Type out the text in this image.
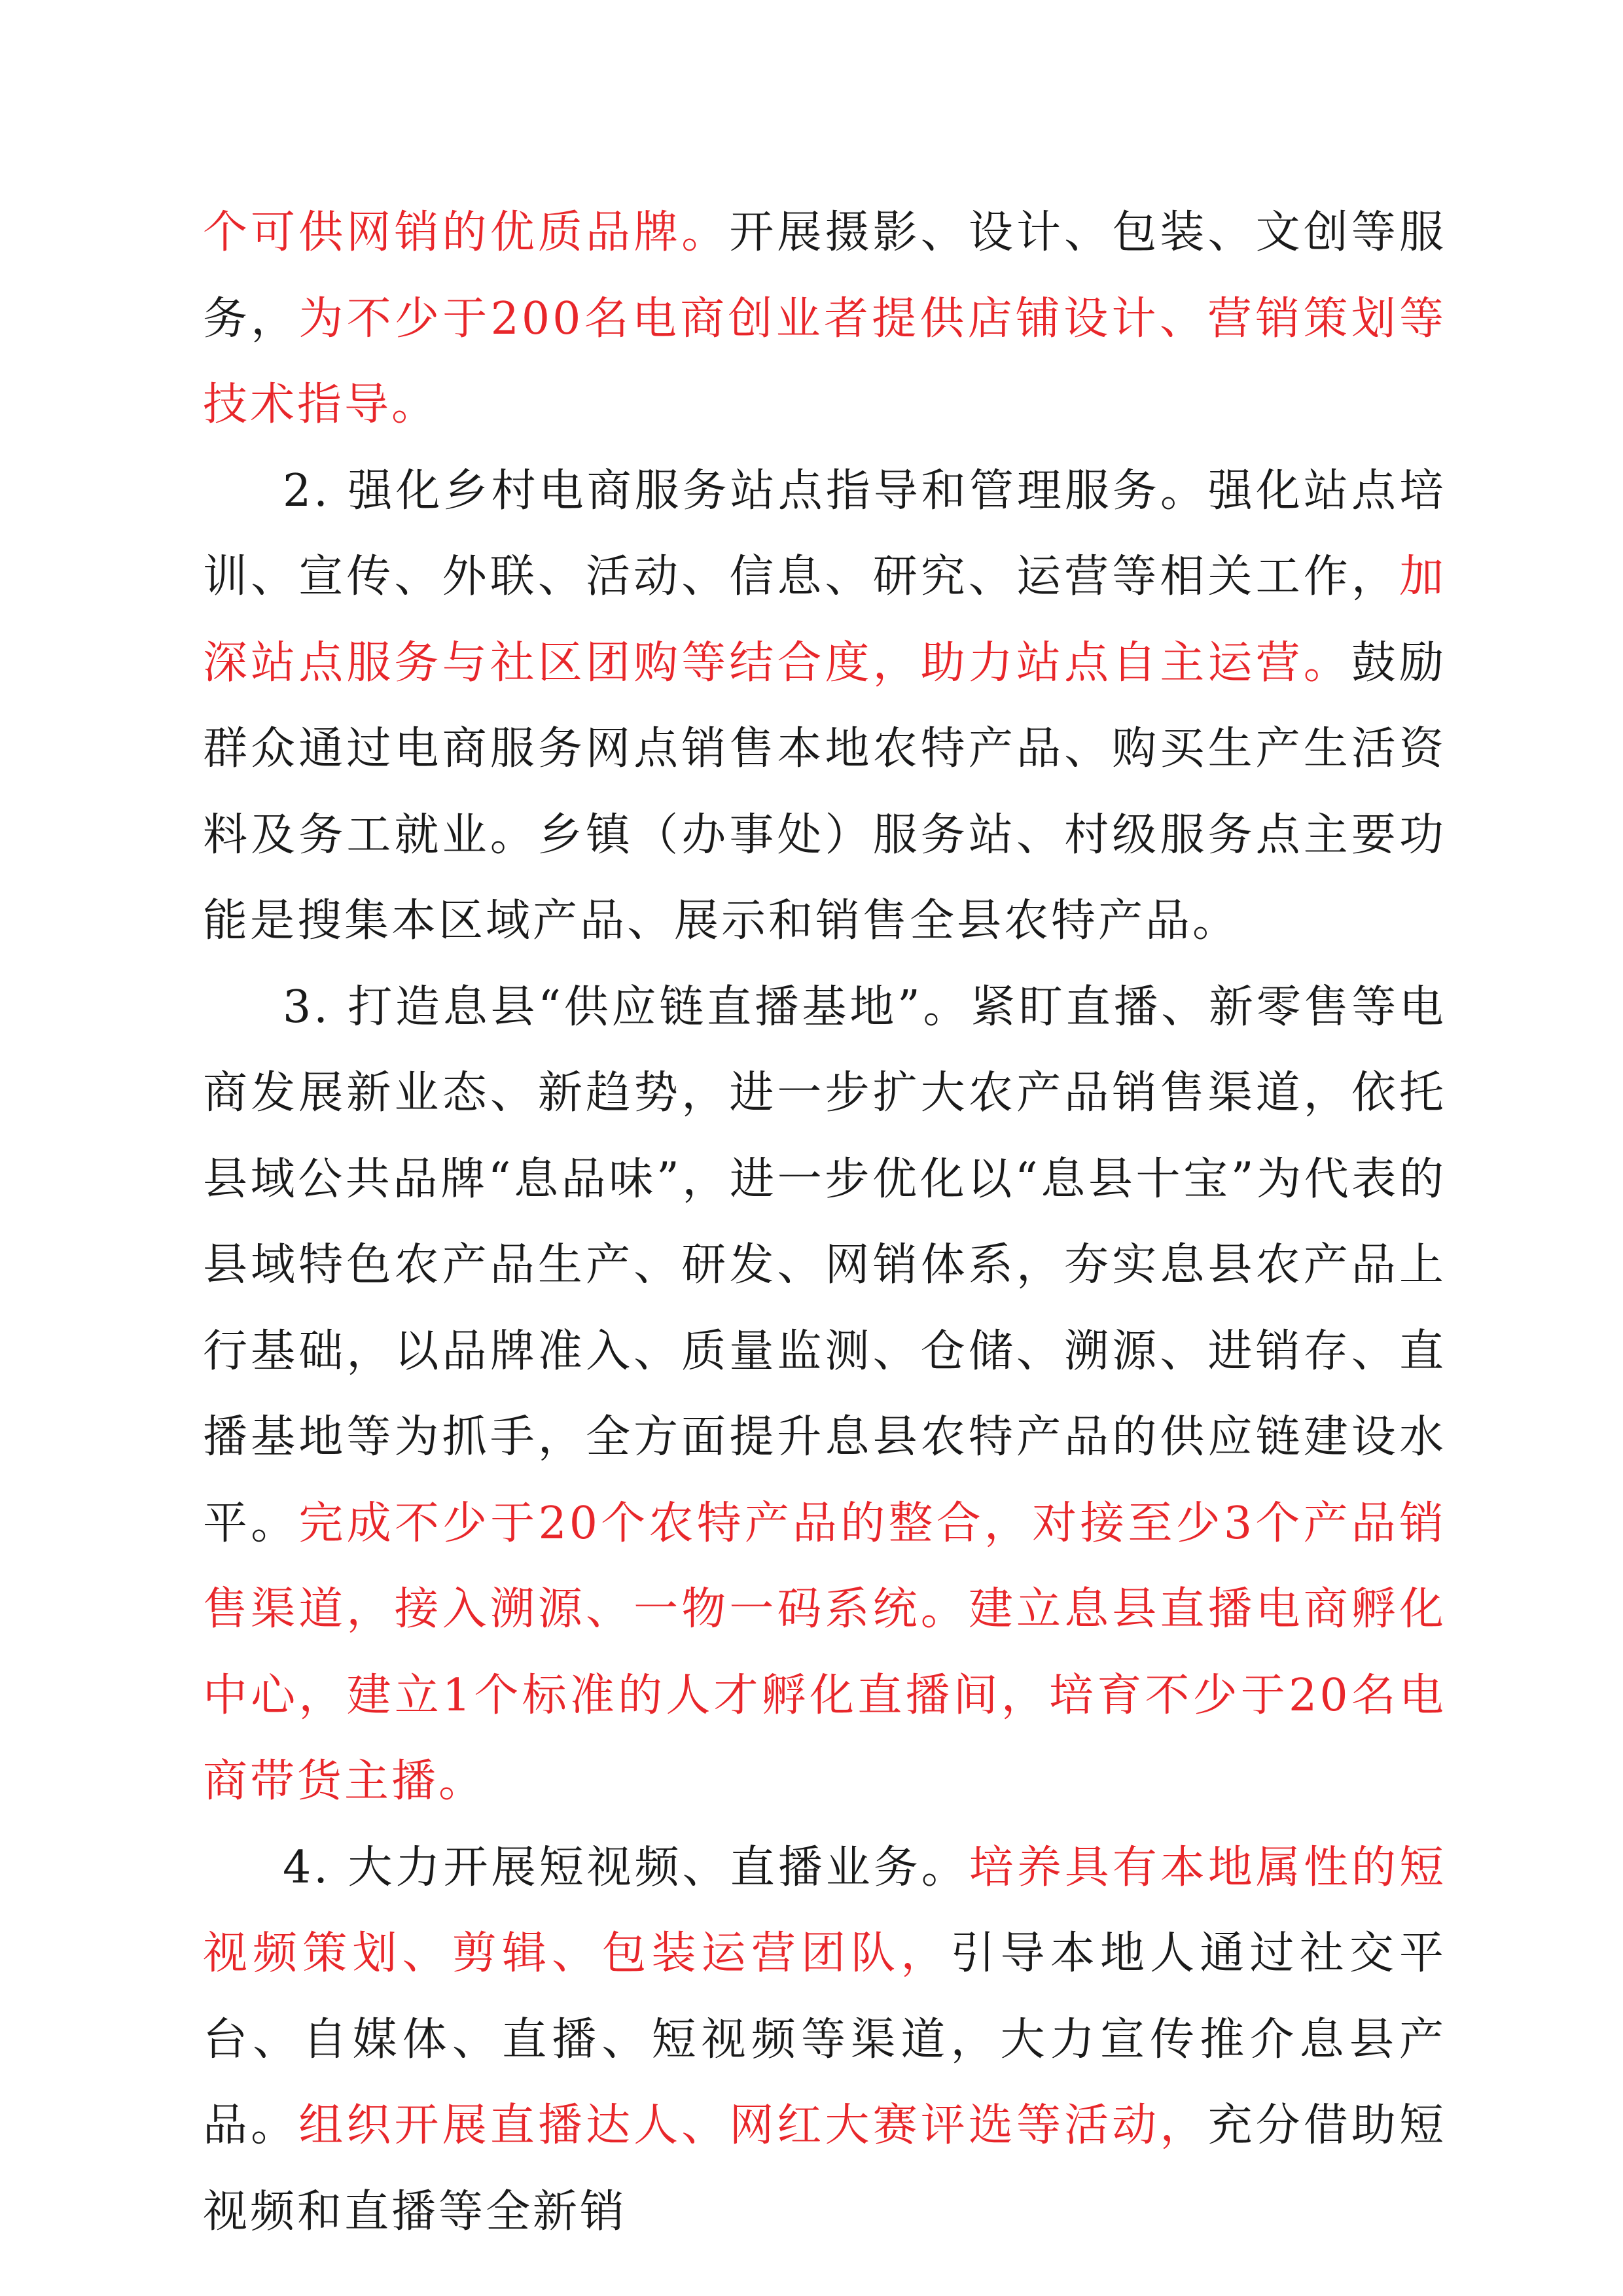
个可供网销的优质品牌。开展摄影、设计、包装、文创等服务，为不少于200名电商创业者提供店铺设计、营销策划等技术指导。

2. 强化乡村电商服务站点指导和管理服务。强化站点培训、宣传、外联、活动、信息、研究、运营等相关工作，加深站点服务与社区团购等结合度，助力站点自主运营。鼓励群众通过电商服务网点销售本地农特产品、购买生产生活资料及务工就业。乡镇（办事处）服务站、村级服务点主要功能是搜集本区域产品、展示和销售全县农特产品。

3. 打造息县“供应链直播基地”。紧盯直播、新零售等电商发展新业态、新趋势，进一步扩大农产品销售渠道，依托县域公共品牌“息品味”，进一步优化以“息县十宝”为代表的县域特色农产品生产、研发、网销体系，夯实息县农产品上行基础，以品牌准入、质量监测、仓储、溯源、进销存、直播基地等为抓手，全方面提升息县农特产品的供应链建设水平。完成不少于20个农特产品的整合，对接至少3个产品销售渠道，接入溯源、一物一码系统。建立息县直播电商孵化中心，建立1个标准的人才孵化直播间，培育不少于20名电商带货主播。

4. 大力开展短视频、直播业务。培养具有本地属性的短视频策划、剪辑、包装运营团队，引导本地人通过社交平台、自媒体、直播、短视频等渠道，大力宣传推介息县产品。组织开展直播达人、网红大赛评选等活动，充分借助短视频和直播等全新销
